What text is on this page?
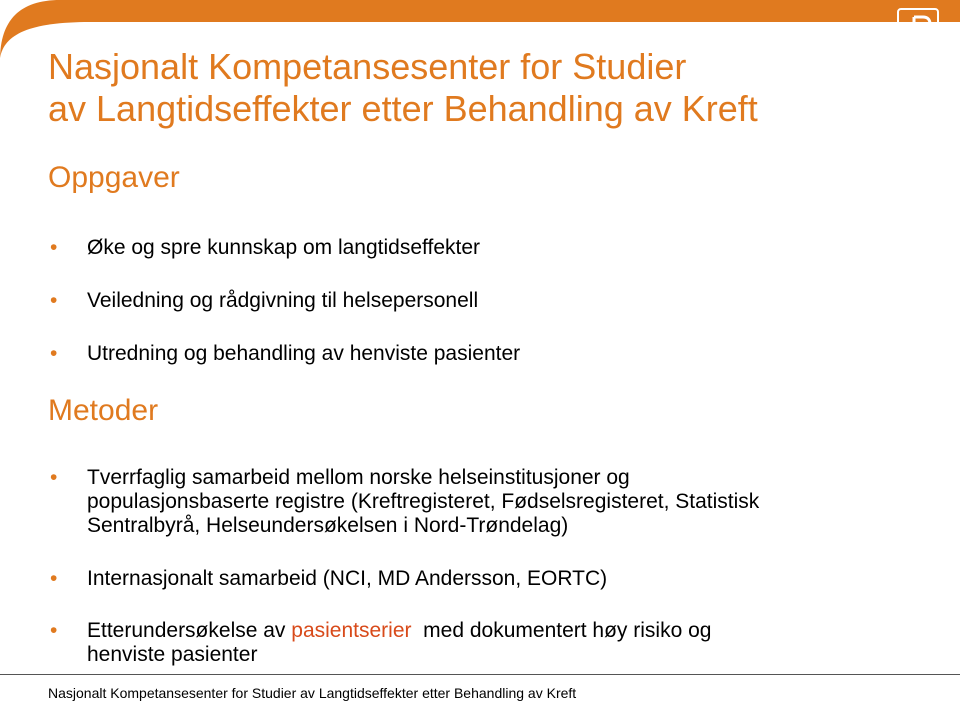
Nasjonalt Kompetansesenter for Studier
av Langtidseffekter etter Behandling av Kreft
Oppgaver
• Øke og spre kunnskap om langtidseffekter
• Veiledning og rådgivning til helsepersonell
• Utredning og behandling av henviste pasienter
Metoder
• Tverrfaglig samarbeid mellom norske helseinstitusjoner og
populasjonsbaserte registre (Kreftregisteret, Fødselsregisteret, Statistisk
Sentralbyrå, Helseundersøkelsen i Nord-Trøndelag)
• Internasjonalt samarbeid (NCI, MD Andersson, EORTC)
• Etterundersøkelse av pasientserier  med dokumentert høy risiko og
henviste pasienter
Nasjonalt Kompetansesenter for Studier av Langtidseffekter etter Behandling av Kreft
